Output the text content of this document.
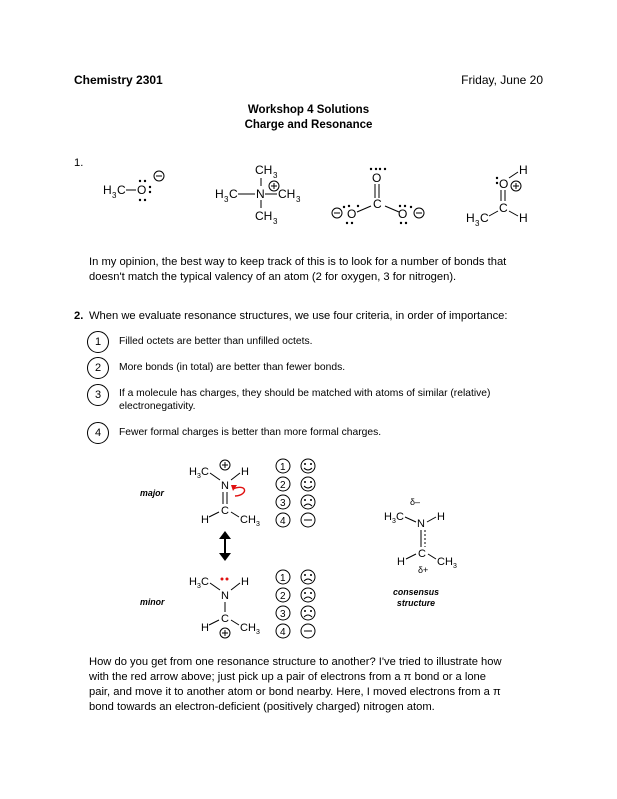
Chemistry 2301	Friday, June 20
Workshop 4 Solutions
Charge and Resonance
1.
H 3 C O
CH 3
H 3 C N CH 3
CH 3
O
C
O	O
H
O
C
H 3 C	H
In my opinion, the best way to keep track of this is to look for a number of bonds that
doesn't match the typical valency of an atom (2 for oxygen, 3 for nitrogen).
2. When we evaluate resonance structures, we use four criteria, in order of importance:
1	Filled octets are better than unfilled octets.
2	More bonds (in total) are better than fewer bonds.
3	If a molecule has charges, they should be matched with atoms of similar (relative)
electronegativity.
4	Fewer formal charges is better than more formal charges.
major
minor
H 3 C
N
H
C
H	CH 3
H 3 C
N
H
C
H	CH 3
1
2
3
4
1
2
3
4
δ–
H 3 C
N
H
C
H	CH 3
δ+
consensus
structure
How do you get from one resonance structure to another? I've tried to illustrate how
with the red arrow above; just pick up a pair of electrons from a π bond or a lone
pair, and move it to another atom or bond nearby. Here, I moved electrons from a π
bond towards an electron-deficient (positively charged) nitrogen atom.
